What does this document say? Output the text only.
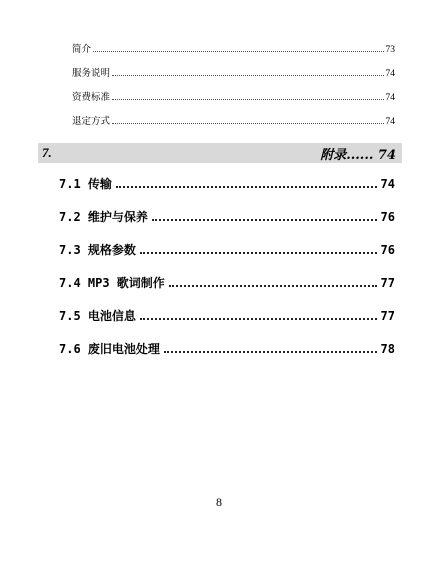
简介	73
服务说明	74
资费标准	74
退定方式	74
7.	附录...... 74
7.1 传输	74
7.2 维护与保养	76
7.3 规格参数	76
7.4 MP3 歌词制作	77
7.5 电池信息	77
7.6 废旧电池处理	78
8
